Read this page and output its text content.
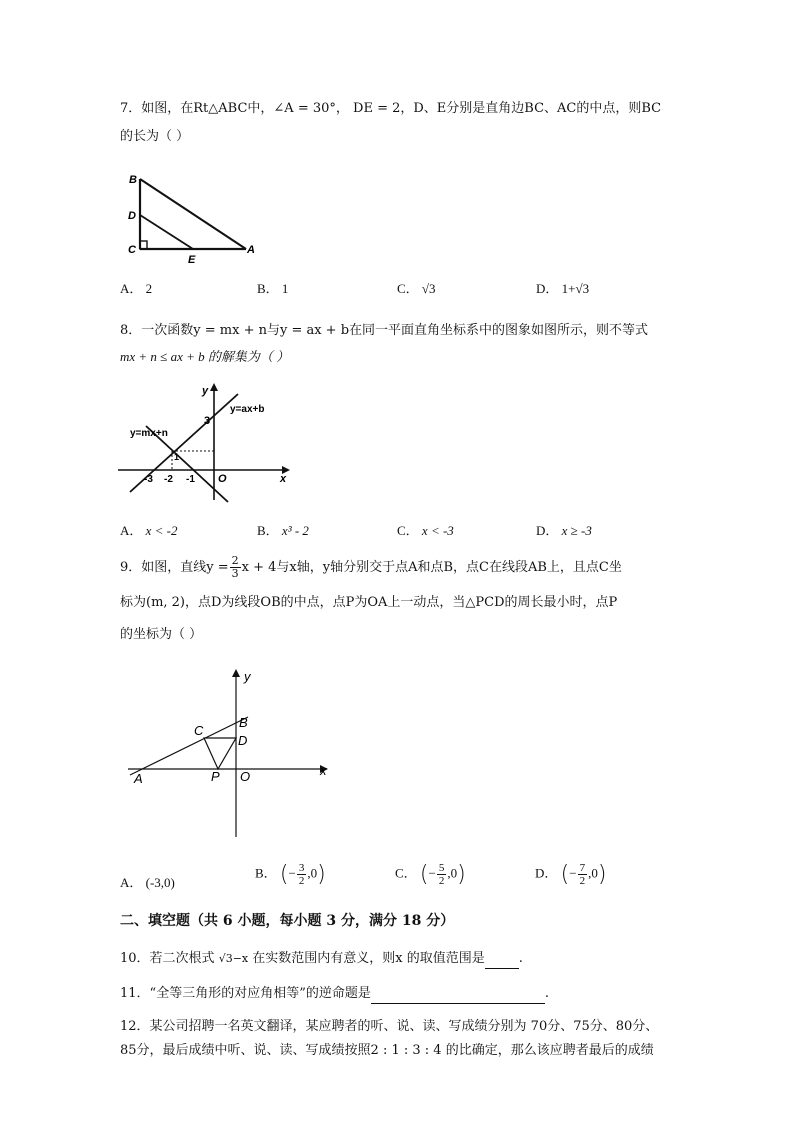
7．如图，在Rt△ABC中，∠A = 30°， DE = 2，D、E分别是直角边BC、AC的中点，则BC
的长为（ ）
B
D
C
E
A
A． 2	B． 1	C． √3	D． 1+√3
8．一次函数y = mx + n与y = ax + b在同一平面直角坐标系中的图象如图所示，则不等式
mx + n ≤ ax + b 的解集为（ ）
y
x
O
3
y=ax+b
y=mx+n
1
-3 -2 -1
A． x < -2	B． x³ - 2	C． x < -3	D． x ≥ -3
9．如图，直线$y = \frac{2}{3}$ x + 4与x轴，y轴分别交于点A和点B，点C在线段AB上，且点C坐
标为(m, 2)，点D为线段OB的中点，点P为OA上一动点，当△PCD的周长最小时，点P
的坐标为（ ）
y
x
A
B
C
D
P O
A． (-3,0)
B． (− $\frac{3}{2} ,0$)	C． (− $\frac{5}{2} ,0$)	D． (− $\frac{7}{2} ,0$)
二、填空题（共 6 小题，每小题 3 分，满分 18 分）
10．若二次根式 √3−x 在实数范围内有意义，则x 的取值范围是	.
11．“全等三角形的对应角相等”的逆命题是	.
12．某公司招聘一名英文翻译，某应聘者的听、说、读、写成绩分别为 70分、75分、80分、
85分，最后成绩中听、说、读、写成绩按照2 : 1 : 3 : 4 的比确定，那么该应聘者最后的成绩
